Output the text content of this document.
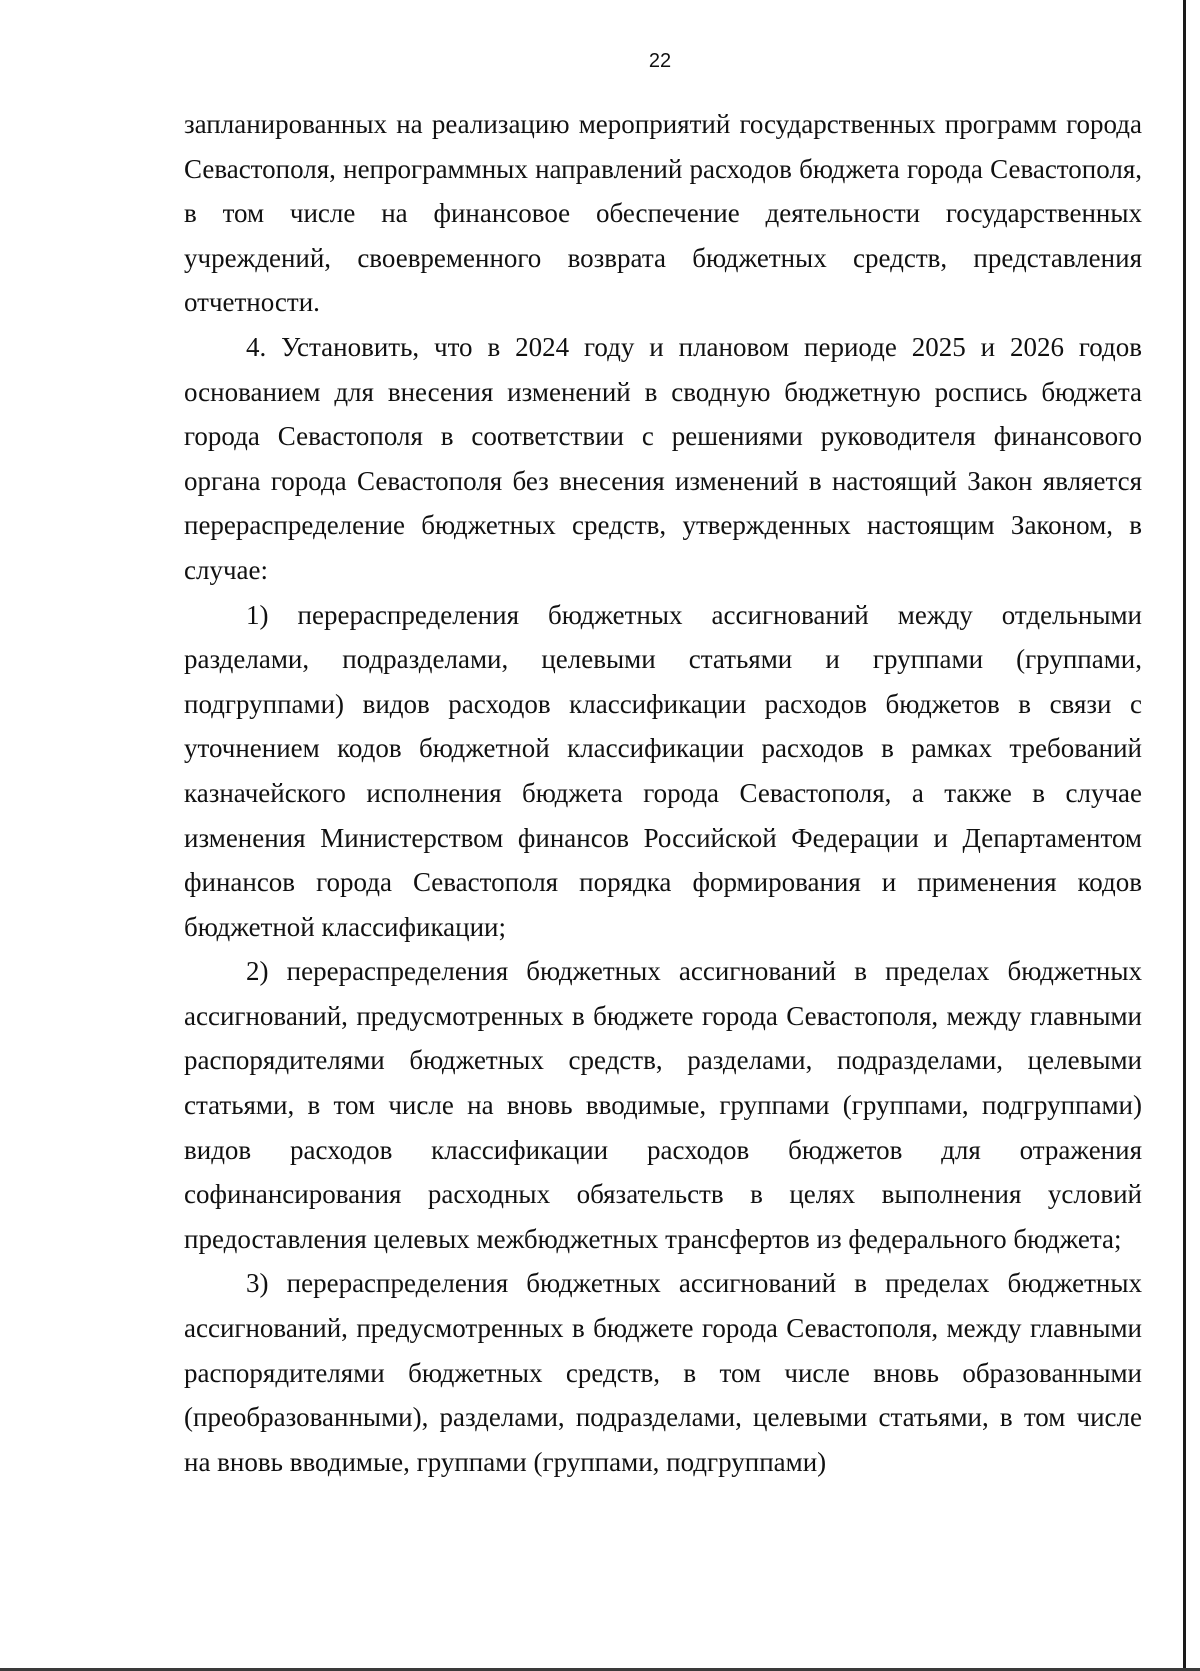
22

запланированных на реализацию мероприятий государственных программ города Севастополя, непрограммных направлений расходов бюджета города Севастополя, в том числе на финансовое обеспечение деятельности государственных учреждений, своевременного возврата бюджетных средств, представления отчетности.

4. Установить, что в 2024 году и плановом периоде 2025 и 2026 годов основанием для внесения изменений в сводную бюджетную роспись бюджета города Севастополя в соответствии с решениями руководителя финансового органа города Севастополя без внесения изменений в настоящий Закон является перераспределение бюджетных средств, утвержденных настоящим Законом, в случае:

1) перераспределения бюджетных ассигнований между отдельными разделами, подразделами, целевыми статьями и группами (группами, подгруппами) видов расходов классификации расходов бюджетов в связи с уточнением кодов бюджетной классификации расходов в рамках требований казначейского исполнения бюджета города Севастополя, а также в случае изменения Министерством финансов Российской Федерации и Департаментом финансов города Севастополя порядка формирования и применения кодов бюджетной классификации;

2) перераспределения бюджетных ассигнований в пределах бюджетных ассигнований, предусмотренных в бюджете города Севастополя, между главными распорядителями бюджетных средств, разделами, подразделами, целевыми статьями, в том числе на вновь вводимые, группами (группами, подгруппами) видов расходов классификации расходов бюджетов для отражения софинансирования расходных обязательств в целях выполнения условий предоставления целевых межбюджетных трансфертов из федерального бюджета;

3) перераспределения бюджетных ассигнований в пределах бюджетных ассигнований, предусмотренных в бюджете города Севастополя, между главными распорядителями бюджетных средств, в том числе вновь образованными (преобразованными), разделами, подразделами, целевыми статьями, в том числе на вновь вводимые, группами (группами, подгруппами)
